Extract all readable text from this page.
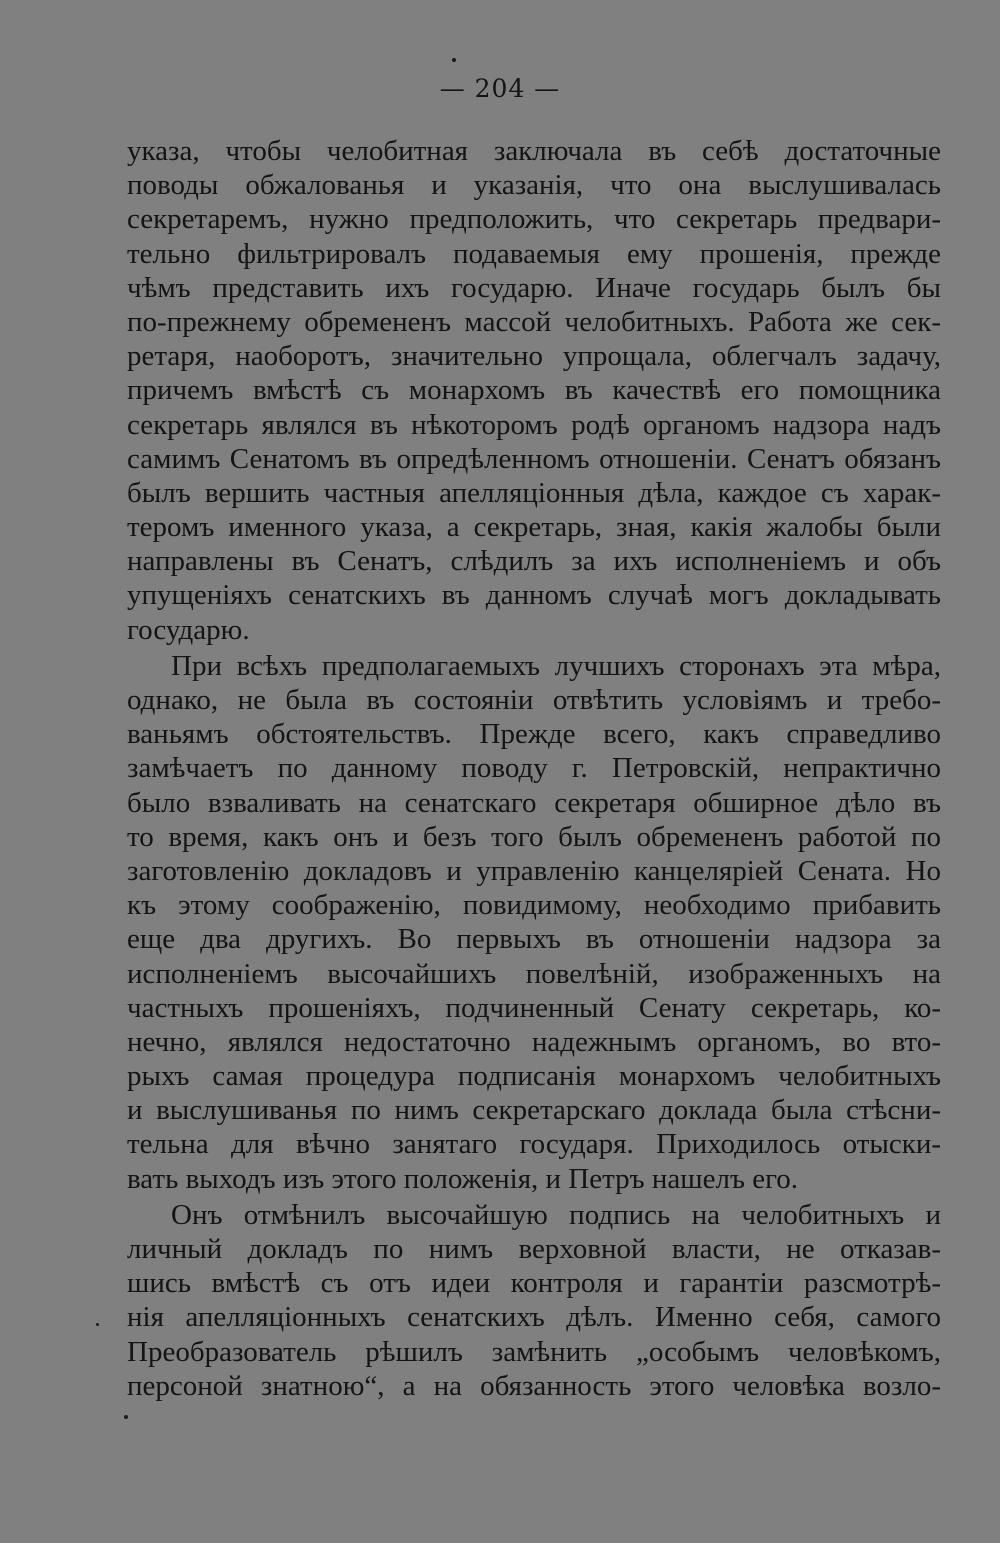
— 204 —
указа, чтобы челобитная заключала въ себѣ достаточные
поводы обжалованья и указанія, что она выслушивалась
секретаремъ, нужно предположить, что секретарь предвари-
тельно фильтрировалъ подаваемыя ему прошенія, прежде
чѣмъ представить ихъ государю. Иначе государь былъ бы
по-прежнему обремененъ массой челобитныхъ. Работа же сек-
ретаря, наоборотъ, значительно упрощала, облегчалъ задачу,
причемъ вмѣстѣ съ монархомъ въ качествѣ его помощника
секретарь являлся въ нѣкоторомъ родѣ органомъ надзора надъ
самимъ Сенатомъ въ опредѣленномъ отношеніи. Сенатъ обязанъ
былъ вершить частныя апелляціонныя дѣла, каждое съ харак-
теромъ именного указа, а секретарь, зная, какія жалобы были
направлены въ Сенатъ, слѣдилъ за ихъ исполненіемъ и объ
упущеніяхъ сенатскихъ въ данномъ случаѣ могъ докладывать
государю.
При всѣхъ предполагаемыхъ лучшихъ сторонахъ эта мѣра,
однако, не была въ состояніи отвѣтить условіямъ и требо-
ваньямъ обстоятельствъ. Прежде всего, какъ справедливо
замѣчаетъ по данному поводу г. Петровскій, непрактично
было взваливать на сенатскаго секретаря обширное дѣло въ
то время, какъ онъ и безъ того былъ обремененъ работой по
заготовленію докладовъ и управленію канцеляріей Сената. Но
къ этому соображенію, повидимому, необходимо прибавить
еще два другихъ. Во первыхъ въ отношеніи надзора за
исполненіемъ высочайшихъ повелѣній, изображенныхъ на
частныхъ прошеніяхъ, подчиненный Сенату секретарь, ко-
нечно, являлся недостаточно надежнымъ органомъ, во вто-
рыхъ самая процедура подписанія монархомъ челобитныхъ
и выслушиванья по нимъ секретарскаго доклада была стѣсни-
тельна для вѣчно занятаго государя. Приходилось отыски-
вать выходъ изъ этого положенія, и Петръ нашелъ его.
Онъ отмѣнилъ высочайшую подпись на челобитныхъ и
личный докладъ по нимъ верховной власти, не отказав-
шись вмѣстѣ съ отъ идеи контроля и гарантіи разсмотрѣ-
нія апелляціонныхъ сенатскихъ дѣлъ. Именно себя, самого
Преобразователь рѣшилъ замѣнить „особымъ человѣкомъ,
персоной знатною“, а на обязанность этого человѣка возло-
